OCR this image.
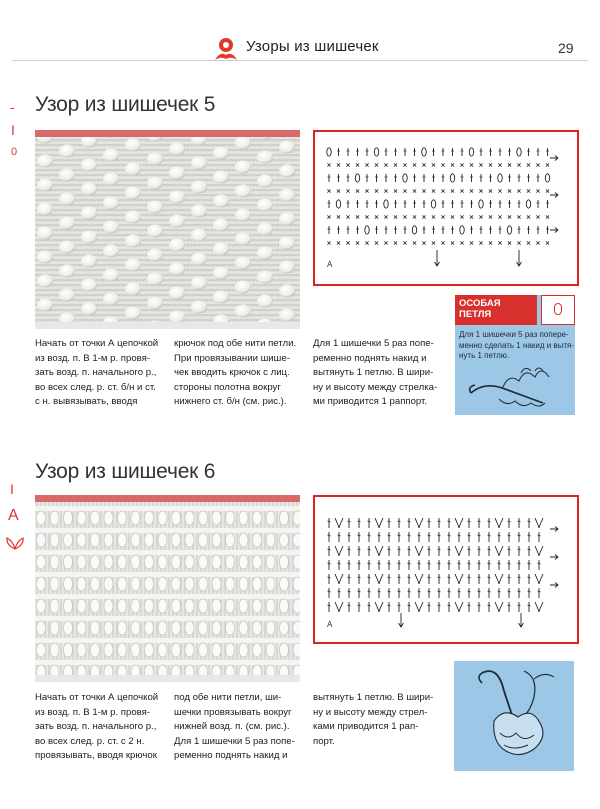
Узоры из шишечек	29
-
I
0
I
A
Узор из шишечек 5
A
Начать от точки А цепочкой
из возд. п. В 1-м р. провя-
зать возд. п. начального р.,
во всех след. р. ст. б/н и ст.
с н. вывязывать, вводя
крючок под обе нити петли.
При провязывании шише-
чек вводить крючок с лиц.
стороны полотна вокруг
нижнего ст. б/н (см. рис.).
Для 1 шишечки 5 раз попе-
ременно поднять накид и
вытянуть 1 петлю. В шири-
ну и высоту между стрелка-
ми приводится 1 раппорт.
ОСОБАЯ
ПЕТЛЯ
Для 1 шишечки 5 раз попере-
менно сделать 1 накид и вытя-
нуть 1 петлю.
Узор из шишечек 6
A
Начать от точки А цепочкой
из возд. п. В 1-м р. провя-
зать возд. п. начального р.,
во всех след. р. ст. с 2 н.
провязывать, вводя крючок
под обе нити петли, ши-
шечки провязывать вокруг
нижней возд. п. (см. рис.).
Для 1 шишечки 5 раз попе-
ременно поднять накид и
вытянуть 1 петлю. В шири-
ну и высоту между стрел-
ками приводится 1 рап-
порт.
